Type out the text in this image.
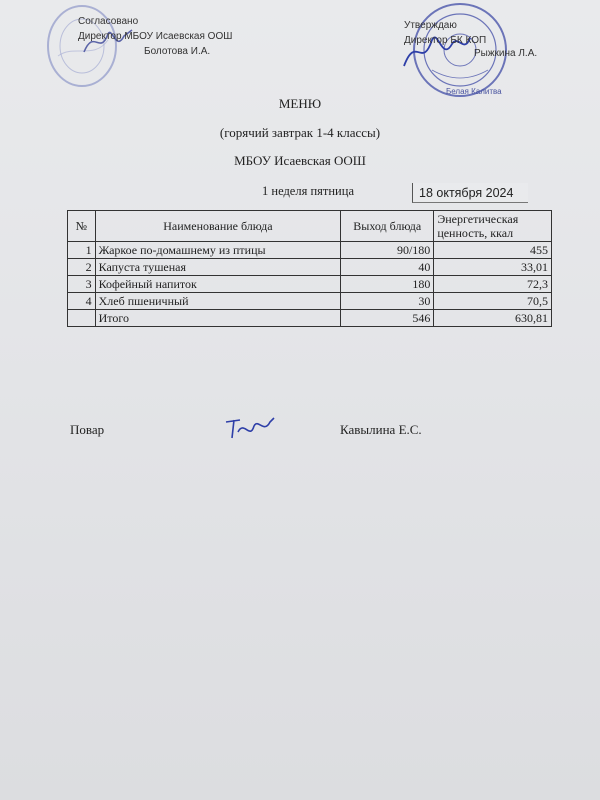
Согласовано
Директор МБОУ Исаевская ООШ
Болотова И.А.
Белая Калитва
Утверждаю
Директор БК КОП
Рыжкина Л.А.
МЕНЮ
(горячий завтрак 1-4 классы)
МБОУ Исаевская ООШ
1 неделя пятница	18 октября 2024
№	Наименование блюда	Выход блюда	Энергетическая ценность, ккал
1	Жаркое по-домашнему из птицы	90/180	455
2	Капуста тушеная	40	33,01
3	Кофейный напиток	180	72,3
4	Хлеб пшеничный	30	70,5
	Итого	546	630,81
Повар	Кавылина Е.С.
